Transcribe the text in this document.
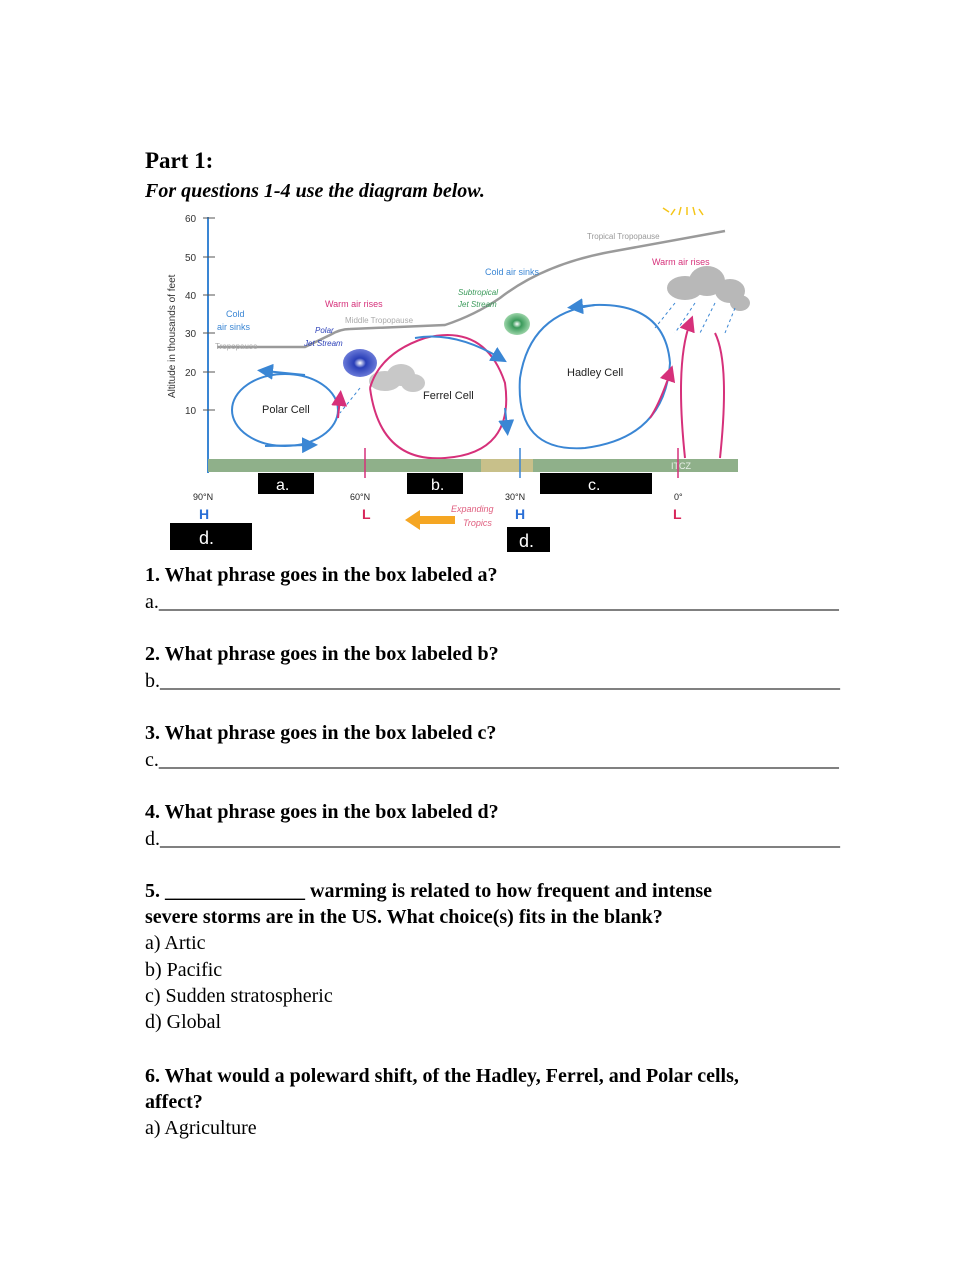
Part 1:
For questions 1-4 use the diagram below.
60
50
40
30
20
10
Altitude in thousands of feet
Tropical Tropopause
Warm air rises
Cold air sinks
Subtropical
Jet Stream
Cold
air sinks
Tropopause
Warm air rises
Middle Tropopause
Polar
Jet Stream
Polar Cell
Ferrel Cell
Hadley Cell
ITCZ
a.	b.	c.
90°N	60°N	30°N	0°
H	L	H	L
Expanding
Tropics
d.	d.
1. What phrase goes in the box labeled a?
a.____________________________________________________________________
2. What phrase goes in the box labeled b?
b.____________________________________________________________________
3. What phrase goes in the box labeled c?
c.____________________________________________________________________
4. What phrase goes in the box labeled d?
d.____________________________________________________________________
5. ______________ warming is related to how frequent and intense
severe storms are in the US. What choice(s) fits in the blank?
a) Artic
b) Pacific
c) Sudden stratospheric
d) Global
6. What would a poleward shift, of the Hadley, Ferrel, and Polar cells,
affect?
a) Agriculture
